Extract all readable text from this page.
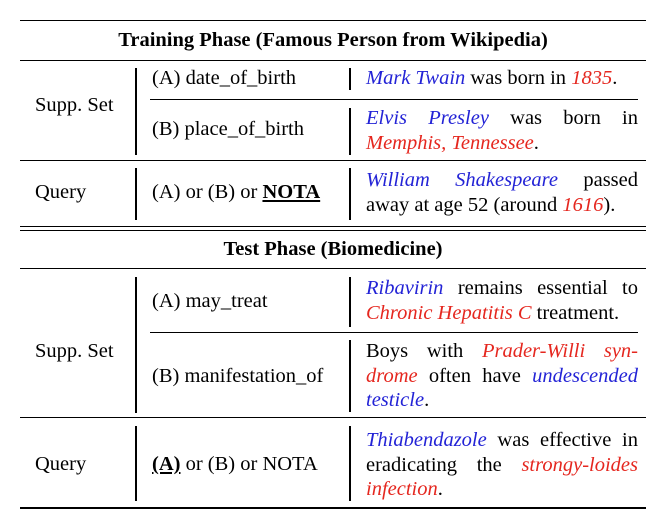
Training Phase (Famous Person from Wikipedia)
Supp. Set
(A) date_of_birth
(B) place_of_birth
Mark Twain was born in 1835.
Elvis Presley was born in Memphis, Tennessee.
Query	(A) or (B) or NOTA
William Shakespeare passed away at age 52 (around 1616).
Test Phase (Biomedicine)
Supp. Set
(A) may_treat
(B) manifestation_of
Ribavirin remains essential to Chronic Hepatitis C treatment.
Boys with Prader-Willi syn-drome often have undescended testicle.
Query	(A) or (B) or NOTA
Thiabendazole was effective in eradicating the strongy-loides infection.
